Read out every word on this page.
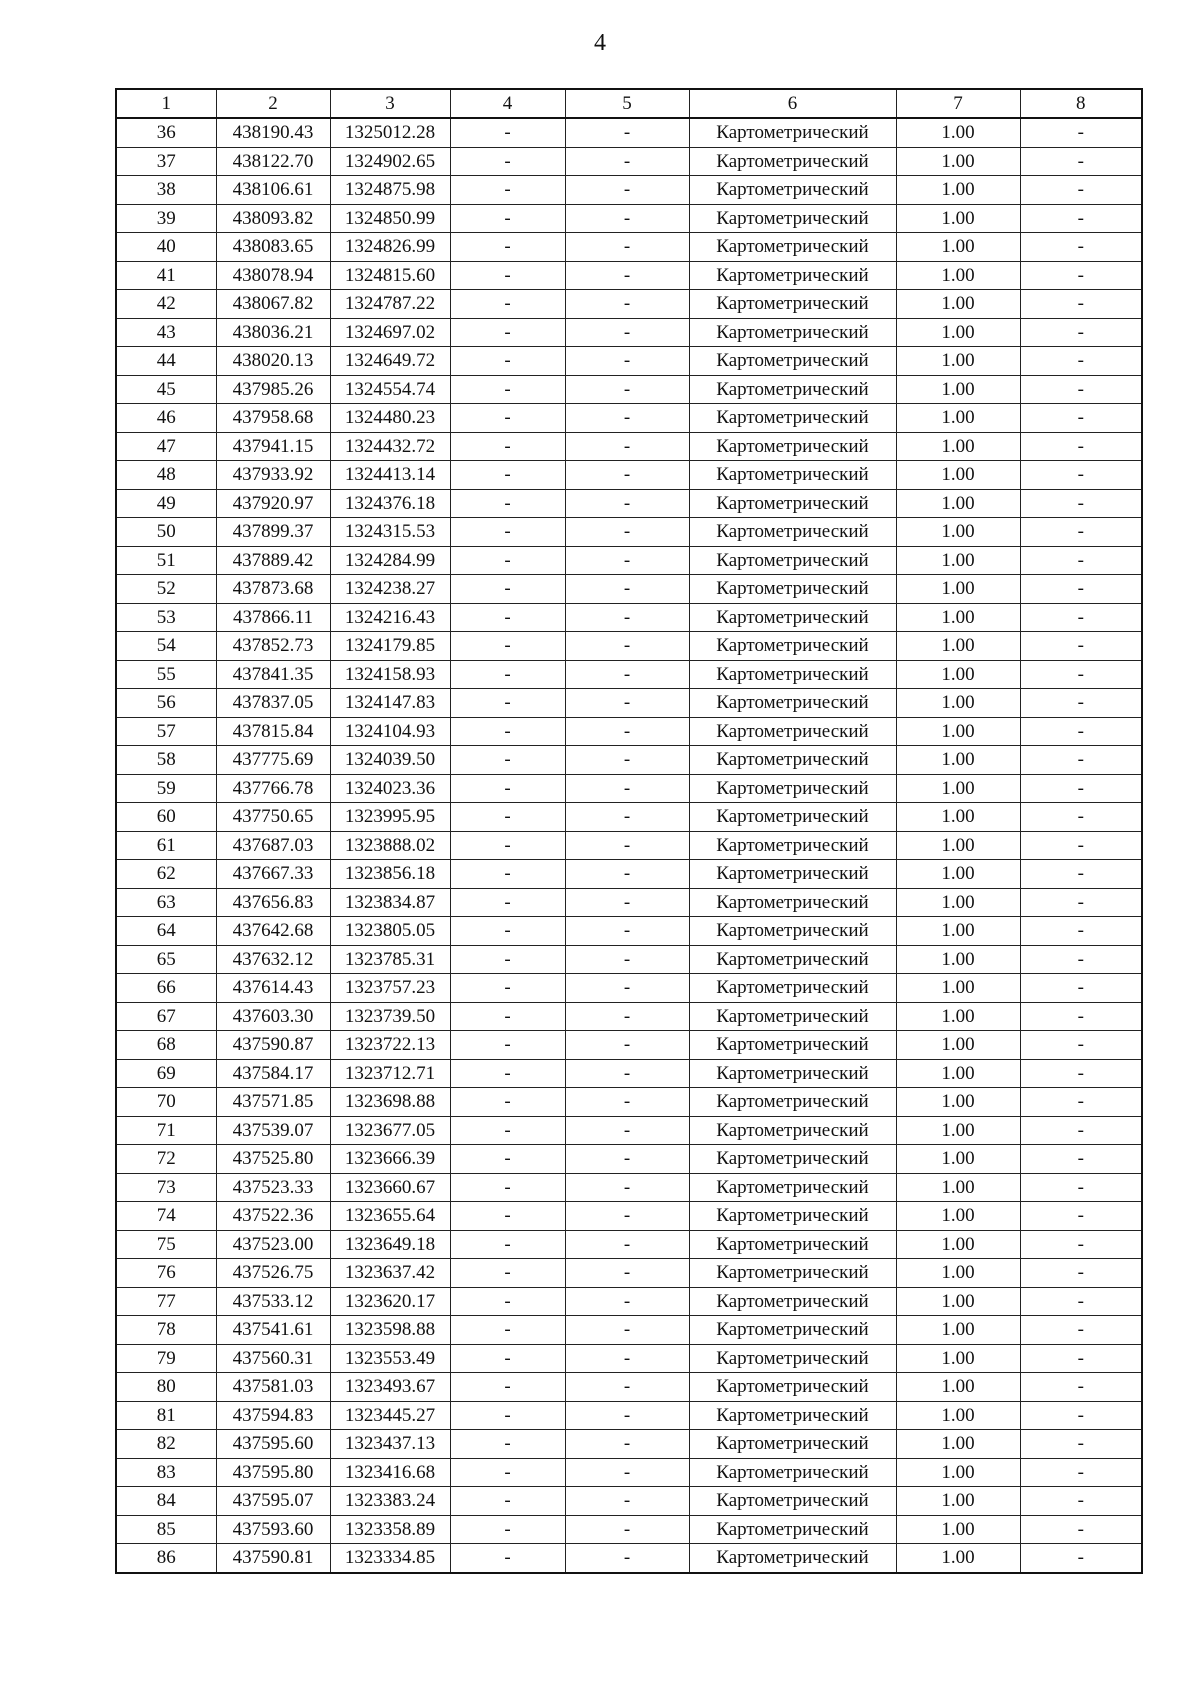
4
1	2	3	4	5	6	7	8
36	438190.43	1325012.28	-	-	Картометрический	1.00	-
37	438122.70	1324902.65	-	-	Картометрический	1.00	-
38	438106.61	1324875.98	-	-	Картометрический	1.00	-
39	438093.82	1324850.99	-	-	Картометрический	1.00	-
40	438083.65	1324826.99	-	-	Картометрический	1.00	-
41	438078.94	1324815.60	-	-	Картометрический	1.00	-
42	438067.82	1324787.22	-	-	Картометрический	1.00	-
43	438036.21	1324697.02	-	-	Картометрический	1.00	-
44	438020.13	1324649.72	-	-	Картометрический	1.00	-
45	437985.26	1324554.74	-	-	Картометрический	1.00	-
46	437958.68	1324480.23	-	-	Картометрический	1.00	-
47	437941.15	1324432.72	-	-	Картометрический	1.00	-
48	437933.92	1324413.14	-	-	Картометрический	1.00	-
49	437920.97	1324376.18	-	-	Картометрический	1.00	-
50	437899.37	1324315.53	-	-	Картометрический	1.00	-
51	437889.42	1324284.99	-	-	Картометрический	1.00	-
52	437873.68	1324238.27	-	-	Картометрический	1.00	-
53	437866.11	1324216.43	-	-	Картометрический	1.00	-
54	437852.73	1324179.85	-	-	Картометрический	1.00	-
55	437841.35	1324158.93	-	-	Картометрический	1.00	-
56	437837.05	1324147.83	-	-	Картометрический	1.00	-
57	437815.84	1324104.93	-	-	Картометрический	1.00	-
58	437775.69	1324039.50	-	-	Картометрический	1.00	-
59	437766.78	1324023.36	-	-	Картометрический	1.00	-
60	437750.65	1323995.95	-	-	Картометрический	1.00	-
61	437687.03	1323888.02	-	-	Картометрический	1.00	-
62	437667.33	1323856.18	-	-	Картометрический	1.00	-
63	437656.83	1323834.87	-	-	Картометрический	1.00	-
64	437642.68	1323805.05	-	-	Картометрический	1.00	-
65	437632.12	1323785.31	-	-	Картометрический	1.00	-
66	437614.43	1323757.23	-	-	Картометрический	1.00	-
67	437603.30	1323739.50	-	-	Картометрический	1.00	-
68	437590.87	1323722.13	-	-	Картометрический	1.00	-
69	437584.17	1323712.71	-	-	Картометрический	1.00	-
70	437571.85	1323698.88	-	-	Картометрический	1.00	-
71	437539.07	1323677.05	-	-	Картометрический	1.00	-
72	437525.80	1323666.39	-	-	Картометрический	1.00	-
73	437523.33	1323660.67	-	-	Картометрический	1.00	-
74	437522.36	1323655.64	-	-	Картометрический	1.00	-
75	437523.00	1323649.18	-	-	Картометрический	1.00	-
76	437526.75	1323637.42	-	-	Картометрический	1.00	-
77	437533.12	1323620.17	-	-	Картометрический	1.00	-
78	437541.61	1323598.88	-	-	Картометрический	1.00	-
79	437560.31	1323553.49	-	-	Картометрический	1.00	-
80	437581.03	1323493.67	-	-	Картометрический	1.00	-
81	437594.83	1323445.27	-	-	Картометрический	1.00	-
82	437595.60	1323437.13	-	-	Картометрический	1.00	-
83	437595.80	1323416.68	-	-	Картометрический	1.00	-
84	437595.07	1323383.24	-	-	Картометрический	1.00	-
85	437593.60	1323358.89	-	-	Картометрический	1.00	-
86	437590.81	1323334.85	-	-	Картометрический	1.00	-
